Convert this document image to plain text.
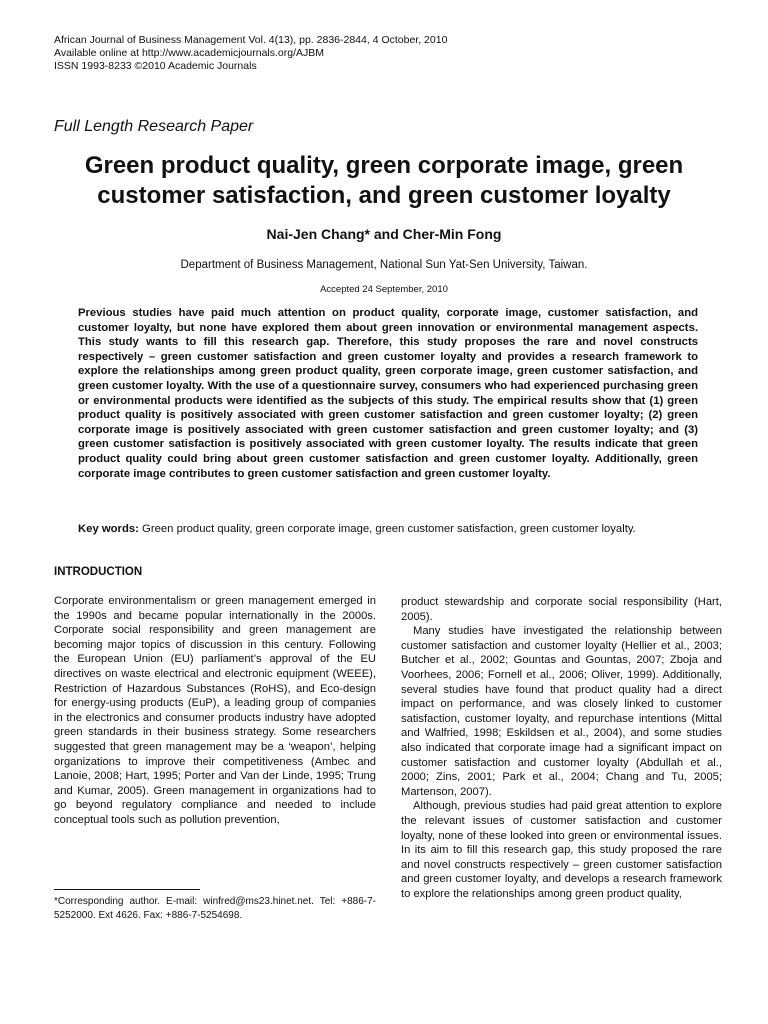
African Journal of Business Management Vol. 4(13), pp. 2836-2844, 4 October, 2010
Available online at http://www.academicjournals.org/AJBM
ISSN 1993-8233 ©2010 Academic Journals
Full Length Research Paper
Green product quality, green corporate image, green customer satisfaction, and green customer loyalty
Nai-Jen Chang* and Cher-Min Fong
Department of Business Management, National Sun Yat-Sen University, Taiwan.
Accepted 24 September, 2010

Previous studies have paid much attention on product quality, corporate image, customer satisfaction, and customer loyalty, but none have explored them about green innovation or environmental management aspects. This study wants to fill this research gap. Therefore, this study proposes the rare and novel constructs respectively – green customer satisfaction and green customer loyalty and provides a research framework to explore the relationships among green product quality, green corporate image, green customer satisfaction, and green customer loyalty. With the use of a questionnaire survey, consumers who had experienced purchasing green or environmental products were identified as the subjects of this study. The empirical results show that (1) green product quality is positively associated with green customer satisfaction and green customer loyalty; (2) green corporate image is positively associated with green customer satisfaction and green customer loyalty; and (3) green customer satisfaction is positively associated with green customer loyalty. The results indicate that green product quality could bring about green customer satisfaction and green customer loyalty. Additionally, green corporate image contributes to green customer satisfaction and green customer loyalty.

Key words: Green product quality, green corporate image, green customer satisfaction, green customer loyalty.

INTRODUCTION

Corporate environmentalism or green management emerged in the 1990s and became popular internationally in the 2000s. Corporate social responsibility and green management are becoming major topics of discussion in this century. Following the European Union (EU) parliament’s approval of the EU directives on waste electrical and electronic equipment (WEEE), Restriction of Hazardous Substances (RoHS), and Eco-design for energy-using products (EuP), a leading group of companies in the electronics and consumer products industry have adopted green standards in their business strategy. Some researchers suggested that green management may be a ‘weapon’, helping organizations to improve their competitiveness (Ambec and Lanoie, 2008; Hart, 1995; Porter and Van der Linde, 1995; Trung and Kumar, 2005). Green management in organizations had to go beyond regulatory compliance and needed to include conceptual tools such as pollution prevention,

product stewardship and corporate social responsibility (Hart, 2005).

Many studies have investigated the relationship between customer satisfaction and customer loyalty (Hellier et al., 2003; Butcher et al., 2002; Gountas and Gountas, 2007; Zboja and Voorhees, 2006; Fornell et al., 2006; Oliver, 1999). Additionally, several studies have found that product quality had a direct impact on performance, and was closely linked to customer satisfaction, customer loyalty, and repurchase intentions (Mittal and Walfried, 1998; Eskildsen et al., 2004), and some studies also indicated that corporate image had a significant impact on customer satisfaction and customer loyalty (Abdullah et al., 2000; Zins, 2001; Park et al., 2004; Chang and Tu, 2005; Martenson, 2007).

Although, previous studies had paid great attention to explore the relevant issues of customer satisfaction and customer loyalty, none of these looked into green or environmental issues. In its aim to fill this research gap, this study proposed the rare and novel constructs respectively – green customer satisfaction and green customer loyalty, and develops a research framework to explore the relationships among green product quality,

*Corresponding author. E-mail: winfred@ms23.hinet.net. Tel: +886-7-5252000. Ext 4626. Fax: +886-7-5254698.
